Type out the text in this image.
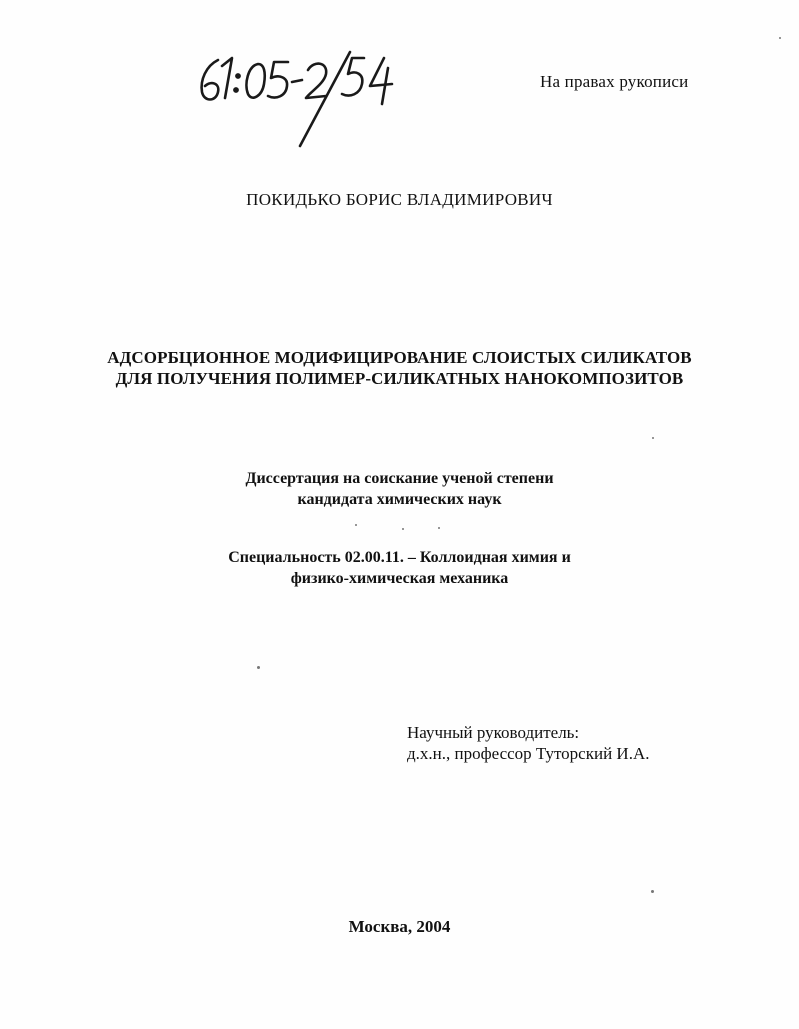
На правах рукописи
ПОКИДЬКО БОРИС ВЛАДИМИРОВИЧ
АДСОРБЦИОННОЕ МОДИФИЦИРОВАНИЕ СЛОИСТЫХ СИЛИКАТОВ
ДЛЯ ПОЛУЧЕНИЯ ПОЛИМЕР-СИЛИКАТНЫХ НАНОКОМПОЗИТОВ
Диссертация на соискание ученой степени
кандидата химических наук
Специальность 02.00.11. – Коллоидная химия и
физико-химическая механика
Научный руководитель:
д.х.н., профессор Туторский И.А.
Москва, 2004
